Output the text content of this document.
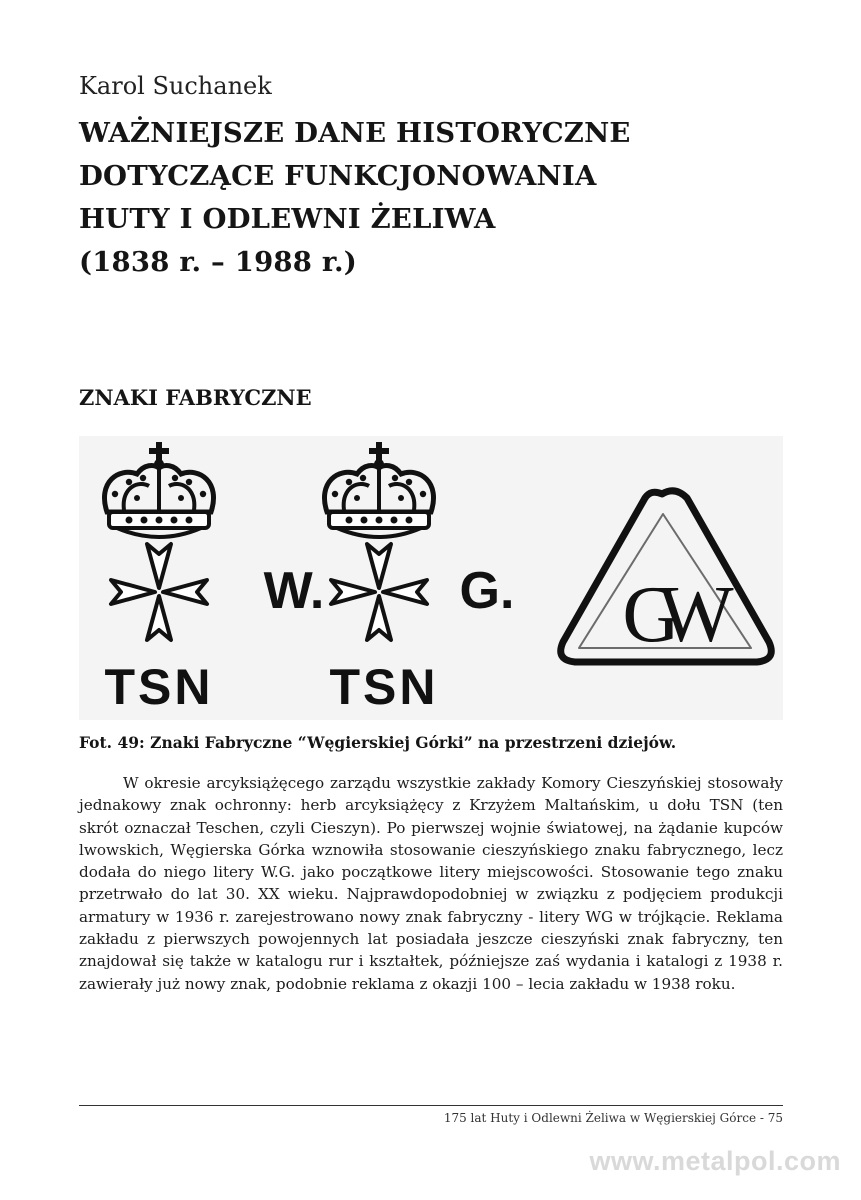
Karol Suchanek
WAŻNIEJSZE DANE HISTORYCZNE
DOTYCZĄCE FUNKCJONOWANIA
HUTY I ODLEWNI ŻELIWA
(1838 r. – 1988 r.)
ZNAKI FABRYCZNE
TSN
W.	G.
TSN
GW
Fot. 49: Znaki Fabryczne “Węgierskiej Górki” na przestrzeni dziejów.
W okresie arcyksiążęcego zarządu wszystkie zakłady Komory Cieszyńskiej stosowały jednakowy znak ochronny: herb arcyksiążęcy z Krzyżem Maltańskim, u dołu TSN (ten skrót oznaczał Teschen, czyli Cieszyn). Po pierwszej wojnie światowej, na żądanie kupców lwowskich, Węgierska Górka wznowiła stosowanie cieszyńskiego znaku fabrycznego, lecz dodała do niego litery W.G. jako początkowe litery miejscowości. Stosowanie tego znaku przetrwało do lat 30. XX wieku. Najprawdopodobniej w związku z podjęciem produkcji armatury w 1936 r. zarejestrowano nowy znak fabryczny - litery WG w trójkącie. Reklama zakładu z pierwszych powojennych lat posiadała jeszcze cieszyński znak fabryczny, ten znajdował się także w katalogu rur i kształtek, późniejsze zaś wydania i katalogi z 1938 r. zawierały już nowy znak, podobnie reklama z okazji 100 – lecia zakładu w 1938 roku.
175 lat Huty i Odlewni Żeliwa w Węgierskiej Górce - 75
www.metalpol.com
